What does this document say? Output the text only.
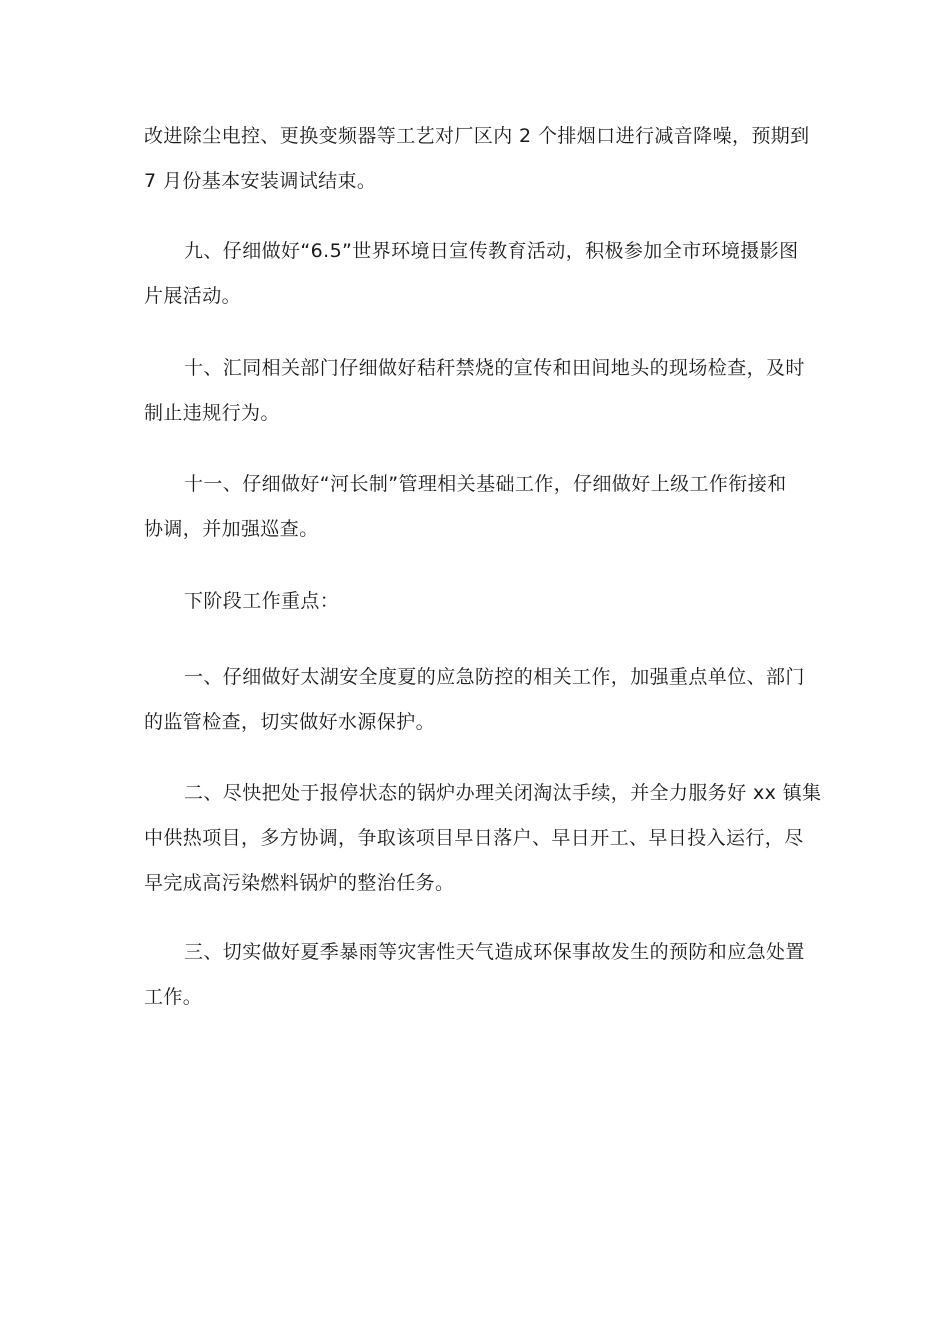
改进除尘电控、更换变频器等工艺对厂区内 2 个排烟口进行减音降噪，预期到
7 月份基本安装调试结束。

九、仔细做好“6.5”世界环境日宣传教育活动，积极参加全市环境摄影图
片展活动。

十、汇同相关部门仔细做好秸秆禁烧的宣传和田间地头的现场检查，及时
制止违规行为。

十一、仔细做好“河长制”管理相关基础工作，仔细做好上级工作衔接和
协调，并加强巡查。

下阶段工作重点：

一、仔细做好太湖安全度夏的应急防控的相关工作，加强重点单位、部门
的监管检查，切实做好水源保护。

二、尽快把处于报停状态的锅炉办理关闭淘汰手续，并全力服务好 xx 镇集
中供热项目，多方协调，争取该项目早日落户、早日开工、早日投入运行，尽
早完成高污染燃料锅炉的整治任务。

三、切实做好夏季暴雨等灾害性天气造成环保事故发生的预防和应急处置
工作。
